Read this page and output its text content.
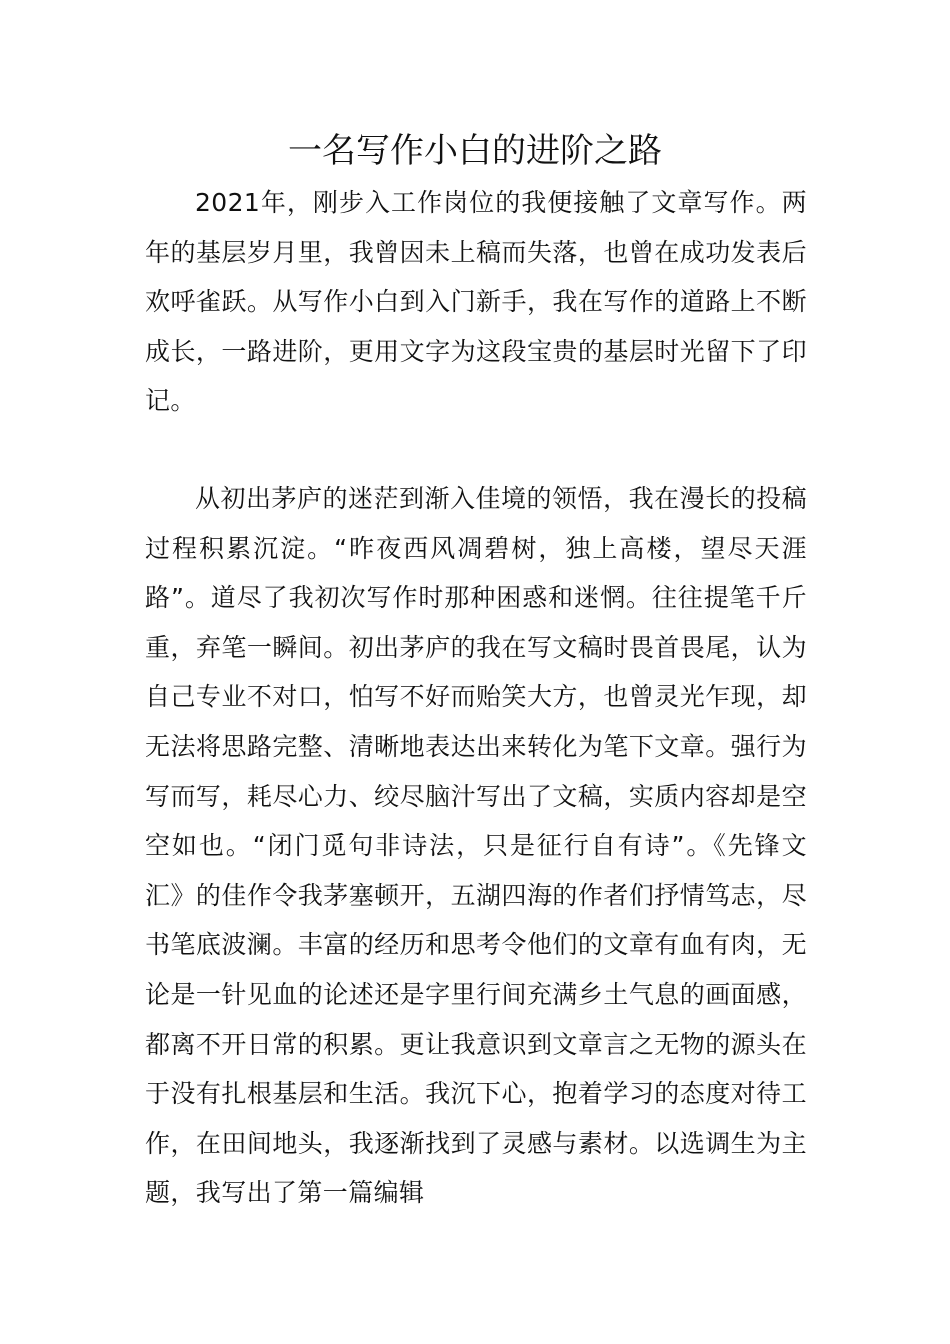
一名写作小白的进阶之路

2021年，刚步入工作岗位的我便接触了文章写作。两年的基层岁月里，我曾因未上稿而失落，也曾在成功发表后欢呼雀跃。从写作小白到入门新手，我在写作的道路上不断成长，一路进阶，更用文字为这段宝贵的基层时光留下了印记。

从初出茅庐的迷茫到渐入佳境的领悟，我在漫长的投稿过程积累沉淀。“昨夜西风凋碧树，独上高楼，望尽天涯路”。道尽了我初次写作时那种困惑和迷惘。往往提笔千斤重，弃笔一瞬间。初出茅庐的我在写文稿时畏首畏尾，认为自己专业不对口，怕写不好而贻笑大方，也曾灵光乍现，却无法将思路完整、清晰地表达出来转化为笔下文章。强行为写而写，耗尽心力、绞尽脑汁写出了文稿，实质内容却是空空如也。“闭门觅句非诗法，只是征行自有诗”。《先锋文汇》的佳作令我茅塞顿开，五湖四海的作者们抒情笃志，尽书笔底波澜。丰富的经历和思考令他们的文章有血有肉，无论是一针见血的论述还是字里行间充满乡土气息的画面感，都离不开日常的积累。更让我意识到文章言之无物的源头在于没有扎根基层和生活。我沉下心，抱着学习的态度对待工作，在田间地头，我逐渐找到了灵感与素材。以选调生为主题，我写出了第一篇编辑
